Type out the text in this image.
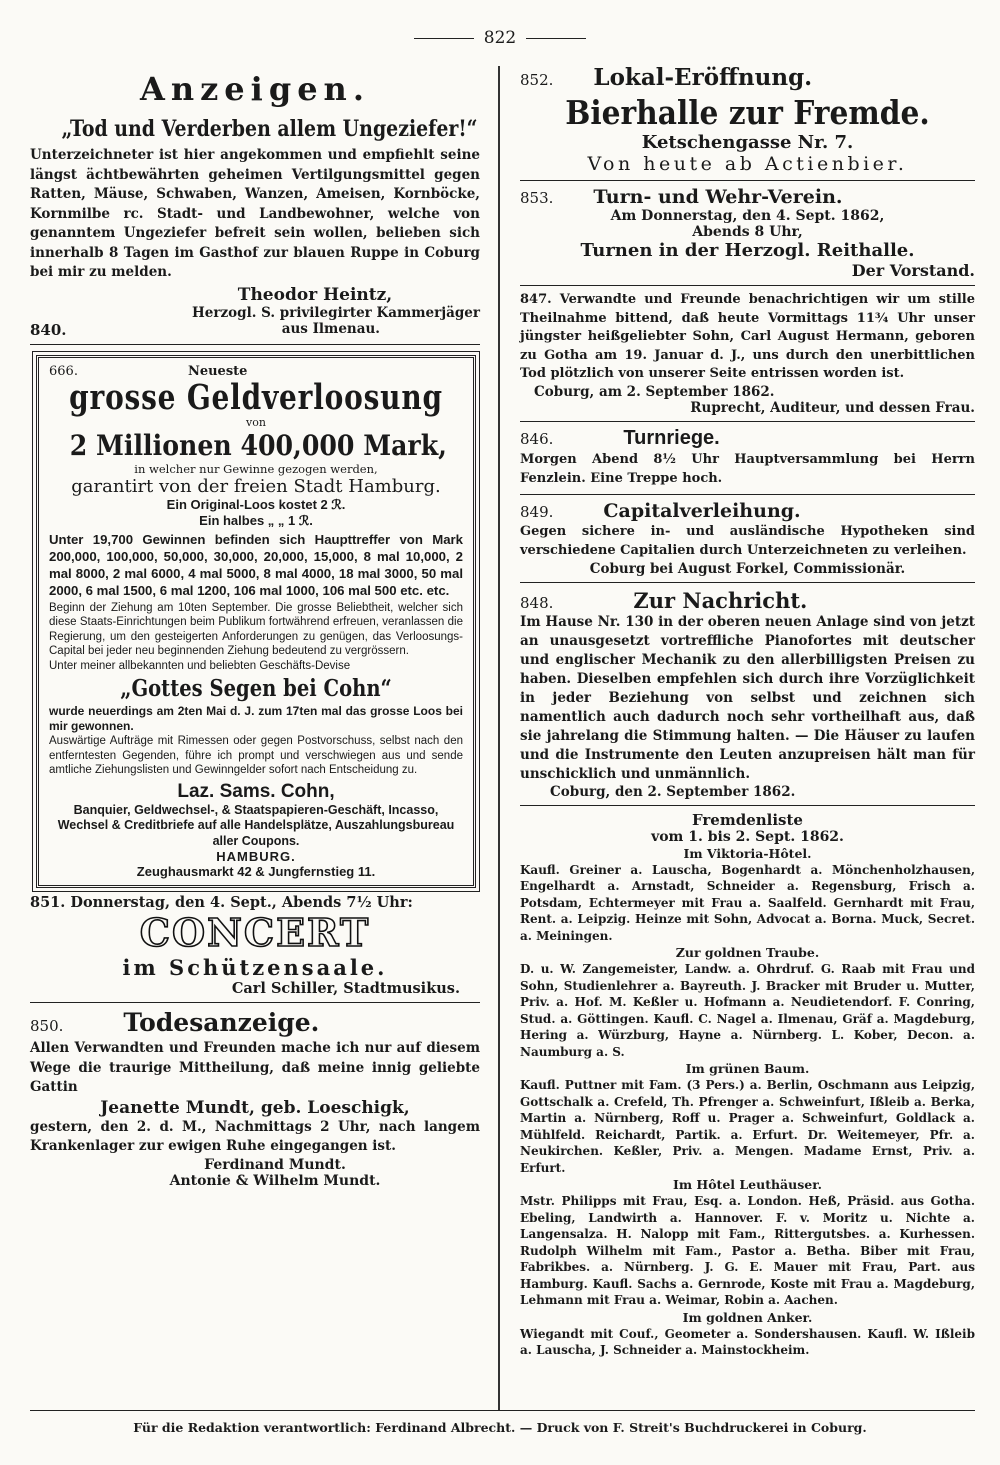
822
Anzeigen.
„Tod und Verderben allem Ungeziefer!“
Unterzeichneter ist hier angekommen und empfiehlt seine längst ächtbewährten geheimen Vertilgungsmittel gegen Ratten, Mäuse, Schwaben, Wanzen, Ameisen, Kornböcke, Kornmilbe rc. Stadt- und Landbewohner, welche von genanntem Ungeziefer befreit sein wollen, belieben sich innerhalb 8 Tagen im Gasthof zur blauen Ruppe in Coburg bei mir zu melden.
Theodor Heintz,
Herzogl. S. privilegirter Kammerjäger
840.	aus Ilmenau.
666.	Neueste
grosse Geldverloosung
von
2 Millionen 400,000 Mark,
in welcher nur Gewinne gezogen werden,
garantirt von der freien Stadt Hamburg.
Ein Original-Loos kostet 2 ℛ.
Ein halbes „ „ 1 ℛ.
Unter 19,700 Gewinnen befinden sich Haupttreffer von Mark 200,000, 100,000, 50,000, 30,000, 20,000, 15,000, 8 mal 10,000, 2 mal 8000, 2 mal 6000, 4 mal 5000, 8 mal 4000, 18 mal 3000, 50 mal 2000, 6 mal 1500, 6 mal 1200, 106 mal 1000, 106 mal 500 etc. etc.
Beginn der Ziehung am 10ten September. Die grosse Beliebtheit, welcher sich diese Staats-Einrichtungen beim Publikum fortwährend erfreuen, veranlassen die Regierung, um den gesteigerten Anforderungen zu genügen, das Verloosungs-Capital bei jeder neu beginnenden Ziehung bedeutend zu vergrössern.
Unter meiner allbekannten und beliebten Geschäfts-Devise
„Gottes Segen bei Cohn“
wurde neuerdings am 2ten Mai d. J. zum 17ten mal das grosse Loos bei mir gewonnen.
Auswärtige Aufträge mit Rimessen oder gegen Postvorschuss, selbst nach den entferntesten Gegenden, führe ich prompt und verschwiegen aus und sende amtliche Ziehungslisten und Gewinngelder sofort nach Entscheidung zu.
Laz. Sams. Cohn,
Banquier, Geldwechsel-, & Staatspapieren-Geschäft, Incasso, Wechsel & Creditbriefe auf alle Handelsplätze, Auszahlungsbureau aller Coupons.
HAMBURG.
Zeughausmarkt 42 & Jungfernstieg 11.
851. Donnerstag, den 4. Sept., Abends 7½ Uhr:
CONCERT
im Schützensaale.
Carl Schiller, Stadtmusikus.
850. Todesanzeige.
Allen Verwandten und Freunden mache ich nur auf diesem Wege die traurige Mittheilung, daß meine innig geliebte Gattin
Jeanette Mundt, geb. Loeschigk,
gestern, den 2. d. M., Nachmittags 2 Uhr, nach langem Krankenlager zur ewigen Ruhe eingegangen ist.
Ferdinand Mundt.
Antonie & Wilhelm Mundt.
852. Lokal-Eröffnung.
Bierhalle zur Fremde.
Ketschengasse Nr. 7.
Von heute ab Actienbier.
853. Turn- und Wehr-Verein.
Am Donnerstag, den 4. Sept. 1862,
Abends 8 Uhr,
Turnen in der Herzogl. Reithalle.
Der Vorstand.
847. Verwandte und Freunde benachrichtigen wir um stille Theilnahme bittend, daß heute Vormittags 11¾ Uhr unser jüngster heißgeliebter Sohn, Carl August Hermann, geboren zu Gotha am 19. Januar d. J., uns durch den unerbittlichen Tod plötzlich von unserer Seite entrissen worden ist.
Coburg, am 2. September 1862.
Ruprecht, Auditeur, und dessen Frau.
846.	Turnriege.
Morgen Abend 8½ Uhr Hauptversammlung bei Herrn Fenzlein. Eine Treppe hoch.
849.	Capitalverleihung.
Gegen sichere in- und ausländische Hypotheken sind verschiedene Capitalien durch Unterzeichneten zu verleihen.
Coburg bei August Forkel, Commissionär.
848.	Zur Nachricht.
Im Hause Nr. 130 in der oberen neuen Anlage sind von jetzt an unausgesetzt vortreffliche Pianofortes mit deutscher und englischer Mechanik zu den allerbilligsten Preisen zu haben. Dieselben empfehlen sich durch ihre Vorzüglichkeit in jeder Beziehung von selbst und zeichnen sich namentlich auch dadurch noch sehr vortheilhaft aus, daß sie jahrelang die Stimmung halten. — Die Häuser zu laufen und die Instrumente den Leuten anzupreisen hält man für unschicklich und unmännlich.
Coburg, den 2. September 1862.
Fremdenliste
vom 1. bis 2. Sept. 1862.
Im Viktoria-Hôtel.

Kaufl. Greiner a. Lauscha, Bogenhardt a. Mönchenholzhausen, Engelhardt a. Arnstadt, Schneider a. Regensburg, Frisch a. Potsdam, Echtermeyer mit Frau a. Saalfeld. Gernhardt mit Frau, Rent. a. Leipzig. Heinze mit Sohn, Advocat a. Borna. Muck, Secret. a. Meiningen.

Zur goldnen Traube.

D. u. W. Zangemeister, Landw. a. Ohrdruf. G. Raab mit Frau und Sohn, Studienlehrer a. Bayreuth. J. Bracker mit Bruder u. Mutter, Priv. a. Hof. M. Keßler u. Hofmann a. Neudietendorf. F. Conring, Stud. a. Göttingen. Kaufl. C. Nagel a. Ilmenau, Gräf a. Magdeburg, Hering a. Würzburg, Hayne a. Nürnberg. L. Kober, Decon. a. Naumburg a. S.

Im grünen Baum.

Kaufl. Puttner mit Fam. (3 Pers.) a. Berlin, Oschmann aus Leipzig, Gottschalk a. Crefeld, Th. Pfrenger a. Schweinfurt, Ißleib a. Berka, Martin a. Nürnberg, Roff u. Prager a. Schweinfurt, Goldlack a. Mühlfeld. Reichardt, Partik. a. Erfurt. Dr. Weitemeyer, Pfr. a. Neukirchen. Keßler, Priv. a. Mengen. Madame Ernst, Priv. a. Erfurt.

Im Hôtel Leuthäuser.

Mstr. Philipps mit Frau, Esq. a. London. Heß, Präsid. aus Gotha. Ebeling, Landwirth a. Hannover. F. v. Moritz u. Nichte a. Langensalza. H. Nalopp mit Fam., Rittergutsbes. a. Kurhessen. Rudolph Wilhelm mit Fam., Pastor a. Betha. Biber mit Frau, Fabrikbes. a. Nürnberg. J. G. E. Mauer mit Frau, Part. aus Hamburg. Kaufl. Sachs a. Gernrode, Koste mit Frau a. Magdeburg, Lehmann mit Frau a. Weimar, Robin a. Aachen.

Im goldnen Anker.

Wiegandt mit Couf., Geometer a. Sondershausen. Kaufl. W. Ißleib a. Lauscha, J. Schneider a. Mainstockheim.

Für die Redaktion verantwortlich: Ferdinand Albrecht. — Druck von F. Streit's Buchdruckerei in Coburg.
